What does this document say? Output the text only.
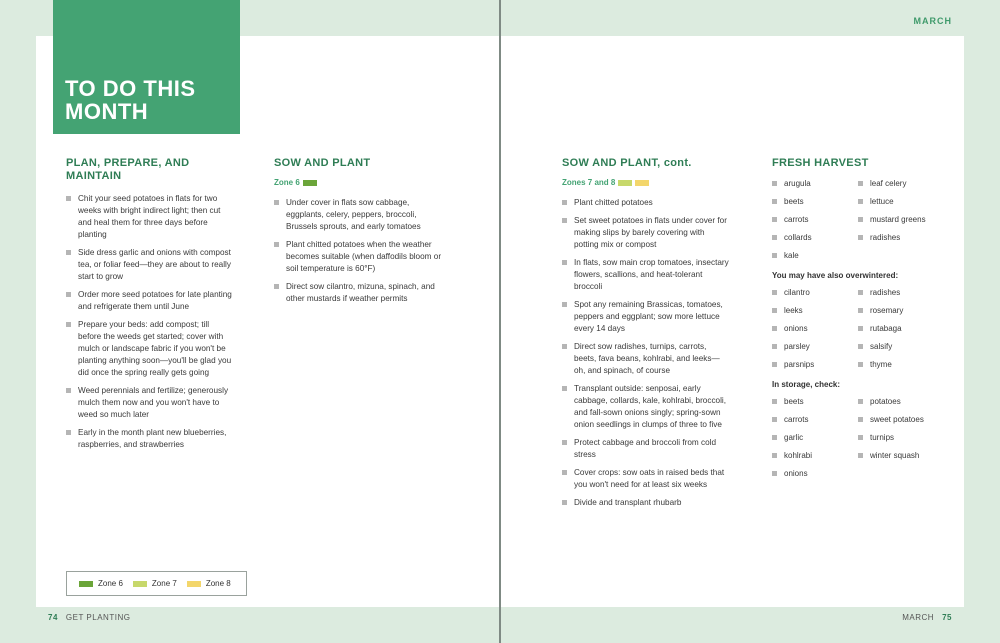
MARCH
TO DO THIS MONTH
PLAN, PREPARE, AND MAINTAIN
Chit your seed potatoes in flats for two weeks with bright indirect light; then cut and heal them for three days before planting
Side dress garlic and onions with compost tea, or foliar feed—they are about to really start to grow
Order more seed potatoes for late planting and refrigerate them until June
Prepare your beds: add compost; till before the weeds get started; cover with mulch or landscape fabric if you won't be planting anything soon—you'll be glad you did once the spring really gets going
Weed perennials and fertilize; generously mulch them now and you won't have to weed so much later
Early in the month plant new blueberries, raspberries, and strawberries
SOW AND PLANT
Zone 6
Under cover in flats sow cabbage, eggplants, celery, peppers, broccoli, Brussels sprouts, and early tomatoes
Plant chitted potatoes when the weather becomes suitable (when daffodils bloom or soil temperature is 60°F)
Direct sow cilantro, mizuna, spinach, and other mustards if weather permits
SOW AND PLANT, cont.
Zones 7 and 8
Plant chitted potatoes
Set sweet potatoes in flats under cover for making slips by barely covering with potting mix or compost
In flats, sow main crop tomatoes, insectary flowers, scallions, and heat-tolerant broccoli
Spot any remaining Brassicas, tomatoes, peppers and eggplant; sow more lettuce every 14 days
Direct sow radishes, turnips, carrots, beets, fava beans, kohlrabi, and leeks—oh, and spinach, of course
Transplant outside: senposai, early cabbage, collards, kale, kohlrabi, broccoli, and fall-sown onions singly; spring-sown onion seedlings in clumps of three to five
Protect cabbage and broccoli from cold stress
Cover crops: sow oats in raised beds that you won't need for at least six weeks
Divide and transplant rhubarb
FRESH HARVEST
arugula
beets
carrots
collards
kale
leaf celery
lettuce
mustard greens
radishes
You may have also overwintered:
cilantro
leeks
onions
parsley
parsnips
radishes
rosemary
rutabaga
salsify
thyme
In storage, check:
beets
carrots
garlic
kohlrabi
onions
potatoes
sweet potatoes
turnips
winter squash
Zone 6	Zone 7	Zone 8
74 GET PLANTING	MARCH 75
